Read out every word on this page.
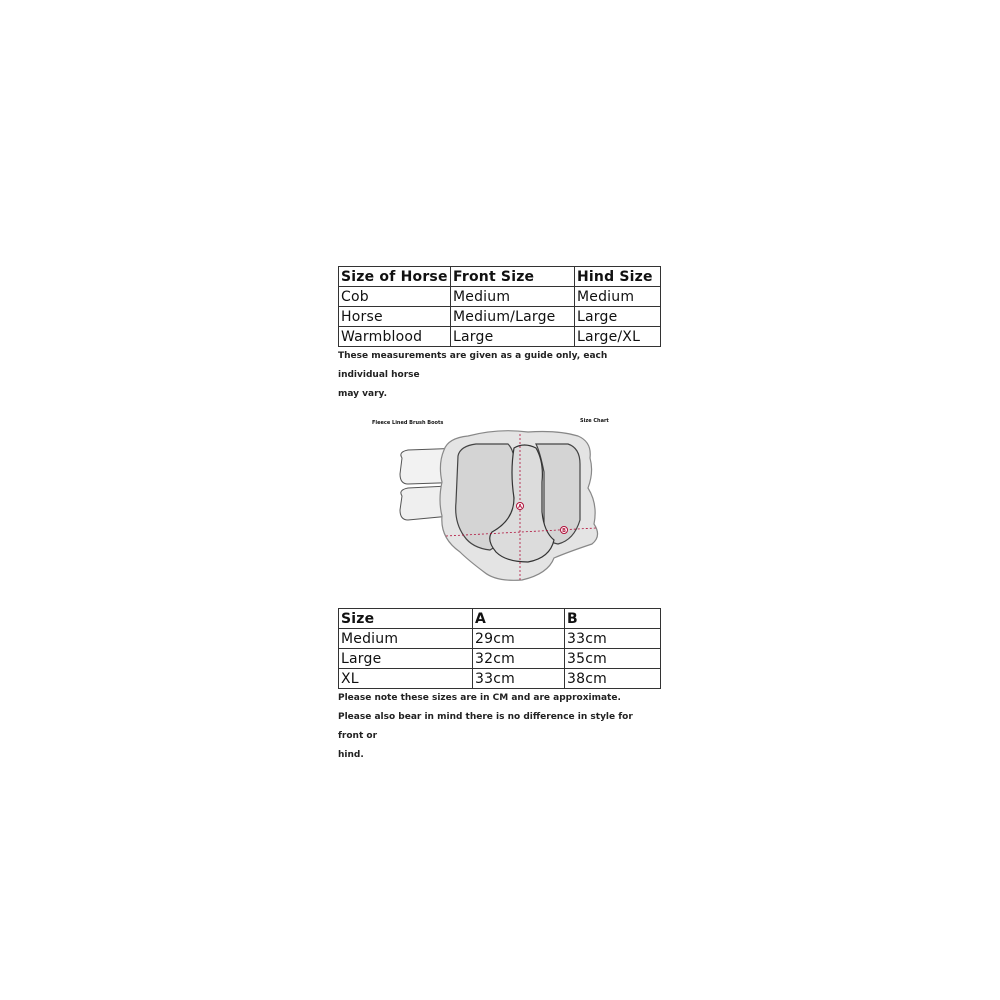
Size of Horse	Front Size	Hind Size
Cob	Medium	Medium
Horse	Medium/Large	Large
Warmblood	Large	Large/XL

These measurements are given as a guide only, each individual horse

may vary.

Fleece Lined Brush Boots	Size Chart
A
B
Size	A	B
Medium	29cm	33cm
Large	32cm	35cm
XL	33cm	38cm

Please note these sizes are in CM and are approximate.

Please also bear in mind there is no difference in style for front or

hind.
